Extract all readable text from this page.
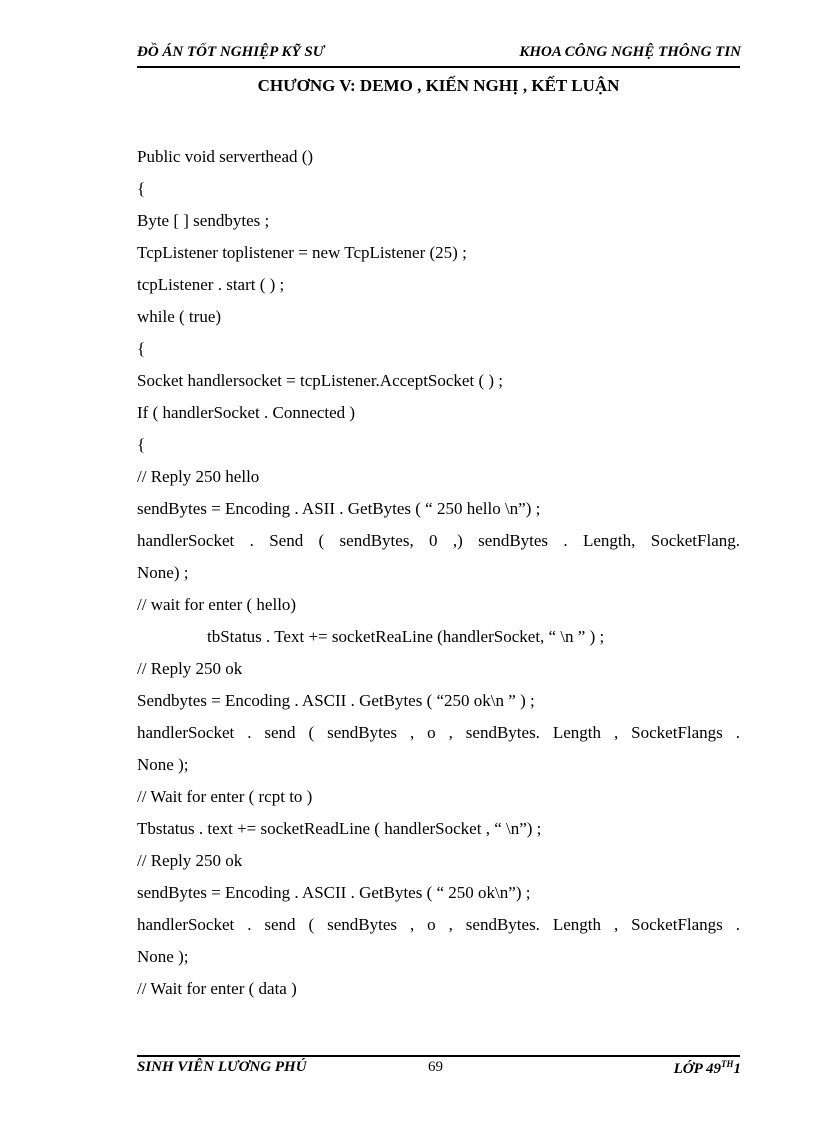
ĐỒ ÁN TỐT NGHIỆP KỸ SƯ	KHOA CÔNG NGHỆ THÔNG TIN
CHƯƠNG V: DEMO , KIẾN NGHỊ , KẾT LUẬN
Public void serverthead ()
{
Byte [ ] sendbytes ;
TcpListener toplistener = new TcpListener (25) ;
tcpListener . start ( ) ;
while ( true)
{
Socket handlersocket = tcpListener.AcceptSocket ( ) ;
If ( handlerSocket . Connected )
{
// Reply 250 hello
sendBytes = Encoding . ASII . GetBytes ( “ 250 hello \n”) ;
handlerSocket . Send ( sendBytes, 0 ,) sendBytes . Length, SocketFlang.
None) ;
// wait for enter ( hello)
tbStatus . Text += socketReaLine (handlerSocket, “ \n ” ) ;
// Reply 250 ok
Sendbytes = Encoding . ASCII . GetBytes ( “250 ok\n ” ) ;
handlerSocket . send ( sendBytes , o , sendBytes. Length , SocketFlangs .
None );
// Wait for enter ( rcpt to )
Tbstatus . text += socketReadLine ( handlerSocket , “ \n”) ;
// Reply 250 ok
sendBytes = Encoding . ASCII . GetBytes ( “ 250 ok\n”) ;
handlerSocket . send ( sendBytes , o , sendBytes. Length , SocketFlangs .
None );
// Wait for enter ( data )
SINH VIÊN LƯƠNG PHÚ	69	LỚP 49TH1
